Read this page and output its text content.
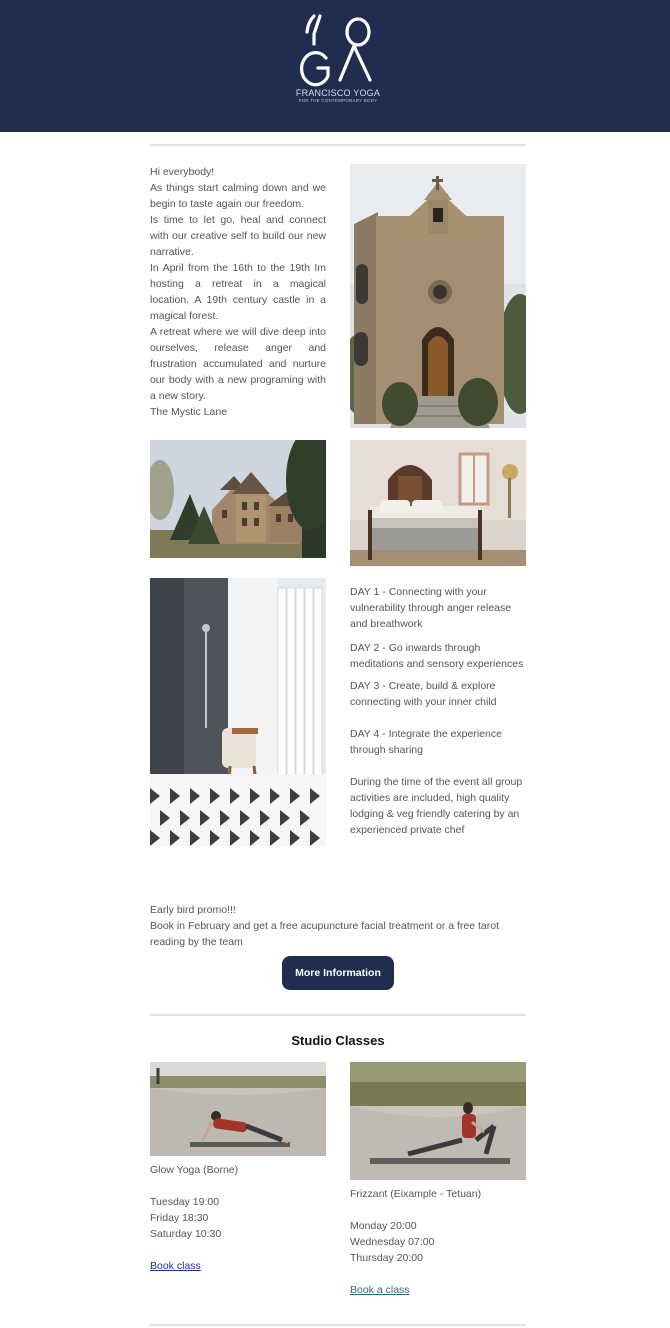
FRANCISCO YOGA
FOR THE CONTEMPORARY BODY

Hi everybody!

As things start calming down and we begin to taste again our freedom.

Is time to let go, heal and connect with our creative self to build our new narrative.

In April from the 16th to the 19th Im hosting a retreat in a magical location. A 19th century castle in a magical forest.

A retreat where we will dive deep into ourselves, release anger and frustration accumulated and nurture our body with a new programing with a new story.

The Mystic Lane

DAY 1 - Connecting with your vulnerability through anger release and breathwork
DAY 2 - Go inwards through meditations and sensory experiences
DAY 3 - Create, build & explore connecting with your inner child
DAY 4 - Integrate the experience through sharing
During the time of the event all group activities are included, high quality lodging & veg friendly catering by an experienced private chef
Early bird promo!!!
Book in February and get a free acupuncture facial treatment or a free tarot reading by the team
More Information
Studio Classes
Glow Yoga (Borne)
Tuesday 19:00
Friday 18:30
Saturday 10:30
Book class
Frizzant (Eixample - Tetuan)
Monday 20:00
Wednesday 07:00
Thursday 20:00
Book a class
